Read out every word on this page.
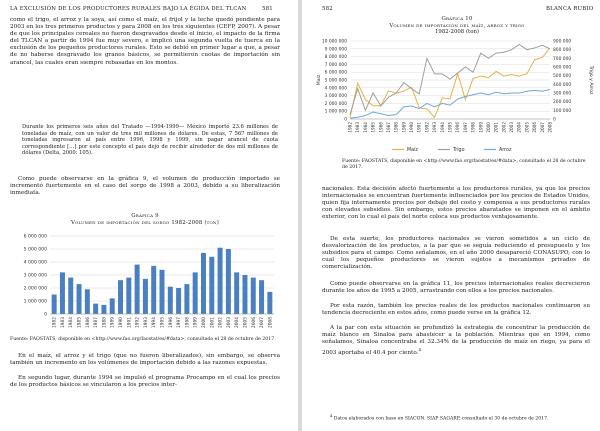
LA EXCLUSIÓN DE LOS PRODUCTORES RURALES BAJO LA ÉGIDA DEL TLCAN	581

como el trigo, el arroz y la soya, así como el maíz, el frijol y la leche quedó pendiente para 2003 en los tres primeros productos y para 2008 en los tres siguientes (CEFP, 2007). A pesar de que los principales cereales no fueron desgravados desde el inicio, el impacto de la firma del TLCAN a partir de 1994 fue muy severo, e implicó una segunda vuelta de tuerca en la exclusión de los pequeños productores rurales. Esto se debió en primer lugar a que, a pesar de no haberse desgravado los granos básicos, se permitieron cuotas de importación sin arancel, las cuales eran siempre rebasadas en los montos.

Durante los primeros seis años del Tratado —1994-1999— México importó 23.6 millones de toneladas de maíz, con un valor de tres mil millones de dólares. De estas, 7 567 millones de toneladas ingresaron al país entre 1996, 1998 y 1999, sin pagar arancel de cuota correspondiente […] por este concepto el país dejó de recibir alrededor de dos mil millones de dólares (Delta, 2000: 105).

Como puede observarse en la gráfica 9, el volumen de producción importado se incrementó fuertemente en el caso del sorgo de 1998 a 2003, debido a su liberalización inmediata.

Gráfica 9
Volumen de importación del sorgo 1982-2008 (ton)
0
1 000 000
2 000 000
3 000 000
4 000 000
5 000 000
6 000 000
1982 1983 1984 1985 1986 1987 1988 1989 1990 1991 1992 1993 1994 1995 1996 1997 1998 1999 2000 2001 2002 2003 2004 2005 2006 2007 2008

Fuente: FAOSTATS, disponible en <http://www.fao.org/faostat/es/#data>, consultado el 28 de octubre de 2017.

En el maíz, el arroz y el trigo (que no fueron liberalizados), sin embargo, se observa también un incremento en los volúmenes de importación debido a las razones expuestas.

En segundo lugar, durante 1994 se impulsó el programa Procampo en el cual los precios de los productos básicos se vincularon a los precios inter-

582	BLANCA RUBIO
Gráfica 10
Volumen de importación del maíz, arroz y trigo
1982-2008 (ton)
0
1 000 000
2 000 000
3 000 000
4 000 000
5 000 000
6 000 000
7 000 000
8 000 000
9 000 000
10 000 000
0
100 000
200 000
300 000
400 000
500 000
600 000
700 000
800 000
900 000
Maíz	Trigo y Arroz
1982 1983 1984 1985 1986 1987 1988 1989 1990 1991 1992 1993 1994 1995 1996 1997 1998 1999 2000 2001 2002 2003 2004 2005 2006 2007 2008
Maíz	Trigo	Arroz

Fuente: FAOSTATS, disponible en <http://www.fao.org/faostat/es/#data>, consultado el 28 de octubre de 2017.

nacionales. Esta decisión afectó fuertemente a los productores rurales, ya que los precios internacionales se encuentran fuertemente influenciados por los precios de Estados Unidos, quien fija internamente precios por debajo del costo y compensa a sus productores rurales con elevados subsidios. Sin embargo, estos precios abaratados se imponen en el ámbito exterior, con lo cual el país del norte coloca sus productos ventajosamente.

De esta suerte, los productores nacionales se vieron sometidos a un ciclo de desvalorización de los productos, a la par que se seguía reduciendo el presupuesto y los subsidios para el campo. Como señalamos, en el año 2000 desapareció CONASUPO, con lo cual los pequeños productores se vieron sujetos a mecanismos privados de comercialización.

Como puede observarse en la gráfica 11, los precios internacionales reales decrecieron durante los años de 1995 a 2005, arrastrando con ellos a los precios nacionales.

Por esta razón, también los precios reales de los productos nacionales continuaron su tendencia decreciente en estos años, como puede verse en la gráfica 12.

A la par con esta situación se profundizó la estrategia de concentrar la producción de maíz blanco en Sinaloa para abastecer a la población. Mientras que en 1994, como señalamos, Sinaloa concentraba el 32.34% de la producción de maíz en riego, ya para el 2003 aportaba el 40.4 por ciento.$^4$

$^4$ Datos elaborados con base en SIACON. SIAP SAGARP, consultado el 30 de octubre de 2017.
